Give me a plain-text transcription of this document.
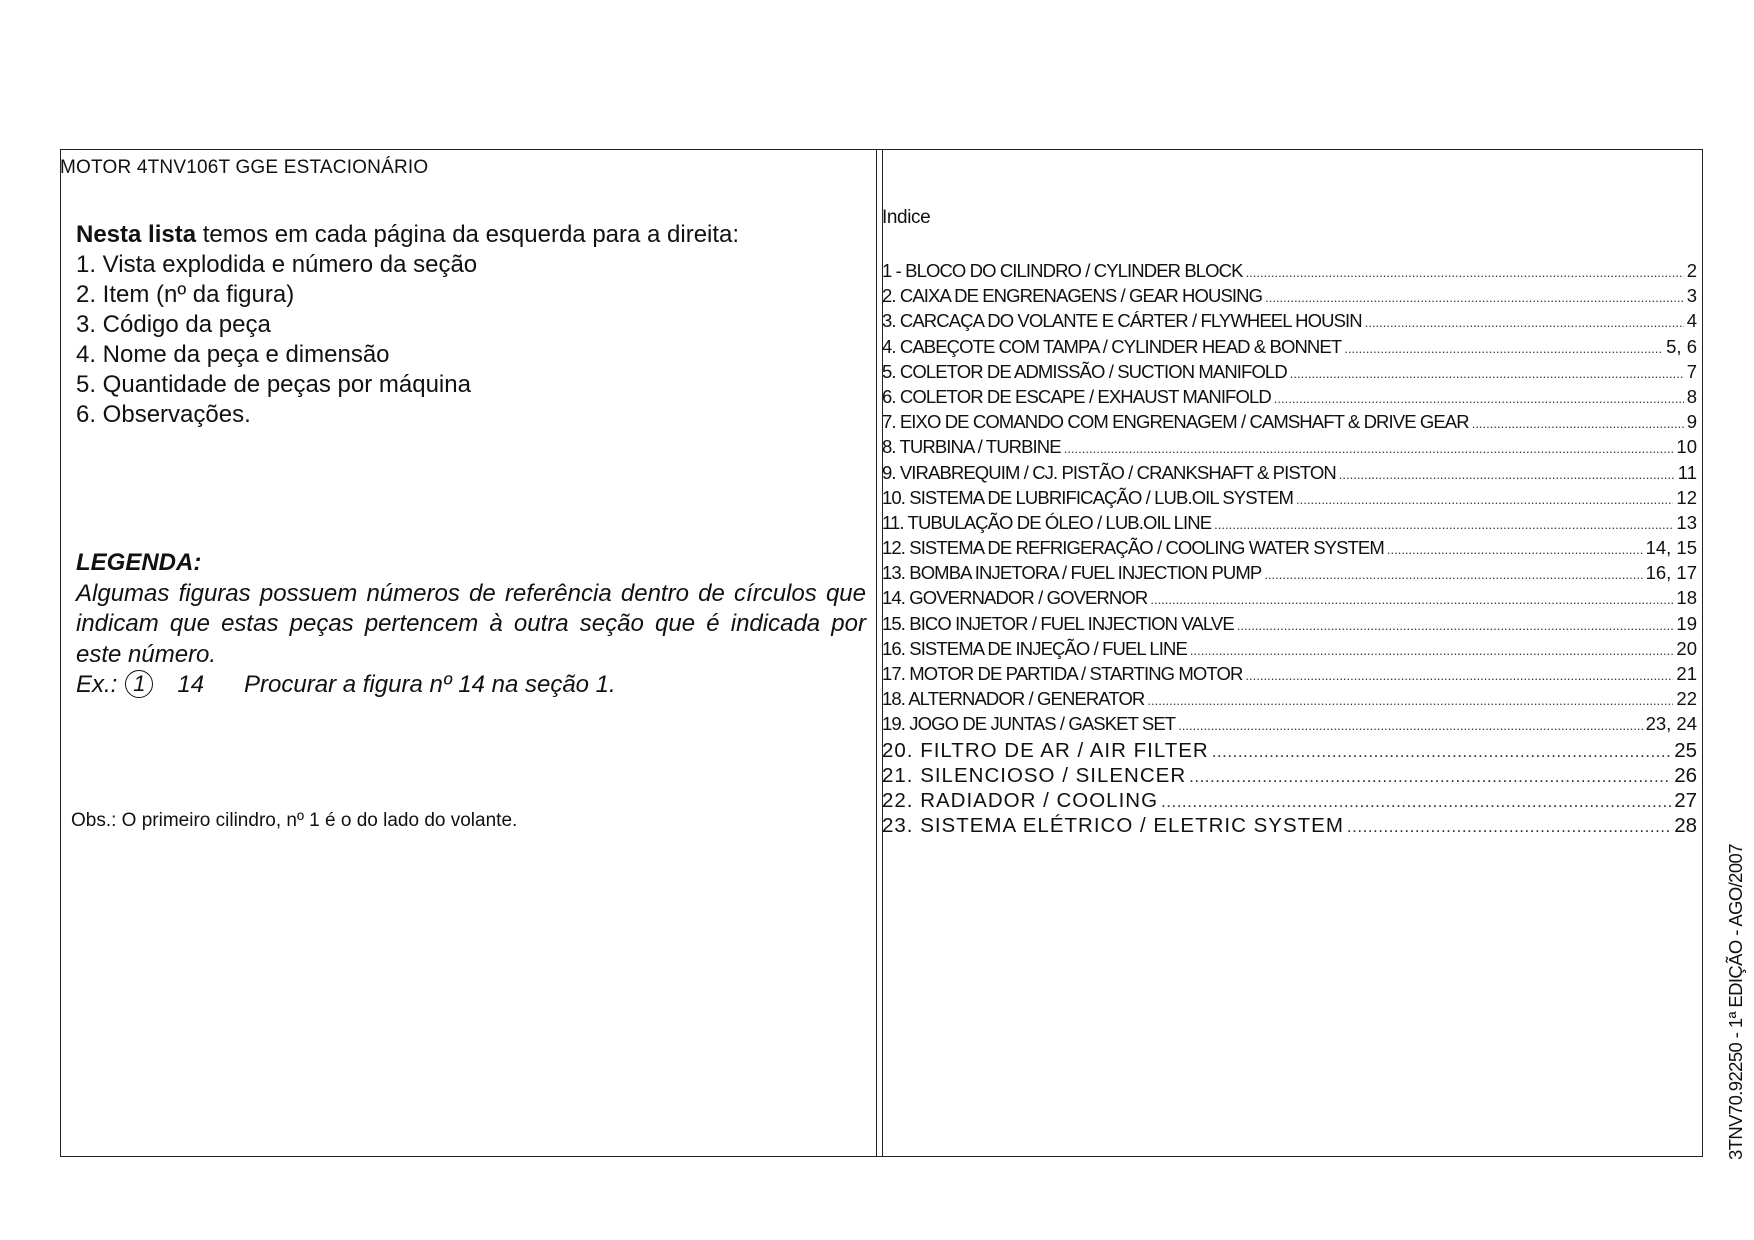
MOTOR 4TNV106T GGE ESTACIONÁRIO

Nesta lista temos em cada página da esquerda para a direita:

1. Vista explodida e número da seção

2. Item (nº da figura)

3. Código da peça

4. Nome da peça e dimensão

5. Quantidade de peças por máquina

6. Observações.

LEGENDA:

Algumas figuras possuem números de referência dentro de círculos que indicam que estas peças pertencem à outra seção que é indicada por este número.

Ex.: 1 14 Procurar a figura nº 14 na seção 1.

Obs.: O primeiro cilindro, nº 1 é o do lado do volante.
Indice
1 - BLOCO DO CILINDRO / CYLINDER BLOCK .....	2
2. CAIXA DE ENGRENAGENS / GEAR HOUSING .....	3
3. CARCAÇA DO VOLANTE E CÁRTER / FLYWHEEL HOUSIN .....	4
4. CABEÇOTE COM TAMPA / CYLINDER HEAD & BONNET .....	5, 6
5. COLETOR DE ADMISSÃO / SUCTION MANIFOLD .....	7
6. COLETOR DE ESCAPE / EXHAUST MANIFOLD .....	8
7. EIXO DE COMANDO COM ENGRENAGEM / CAMSHAFT & DRIVE GEAR .....	9
8. TURBINA / TURBINE .....	10
9. VIRABREQUIM / CJ. PISTÃO / CRANKSHAFT & PISTON .....	11
10. SISTEMA DE LUBRIFICAÇÃO / LUB.OIL SYSTEM .....	12
11. TUBULAÇÃO DE ÓLEO / LUB.OIL LINE .....	13
12. SISTEMA DE REFRIGERAÇÃO / COOLING WATER SYSTEM .....	14, 15
13. BOMBA INJETORA / FUEL INJECTION PUMP .....	16, 17
14. GOVERNADOR / GOVERNOR .....	18
15. BICO INJETOR / FUEL INJECTION VALVE .....	19
16. SISTEMA DE INJEÇÃO / FUEL LINE .....	20
17. MOTOR DE PARTIDA / STARTING MOTOR .....	21
18. ALTERNADOR / GENERATOR .....	22
19. JOGO DE JUNTAS / GASKET SET .....	23, 24
20. FILTRO DE AR / AIR FILTER .....	25
21. SILENCIOSO / SILENCER .....	26
22. RADIADOR / COOLING .....	27
23. SISTEMA ELÉTRICO / ELETRIC SYSTEM .....	28
3TNV70.92250 - 1ª EDIÇÃO - AGO/2007
